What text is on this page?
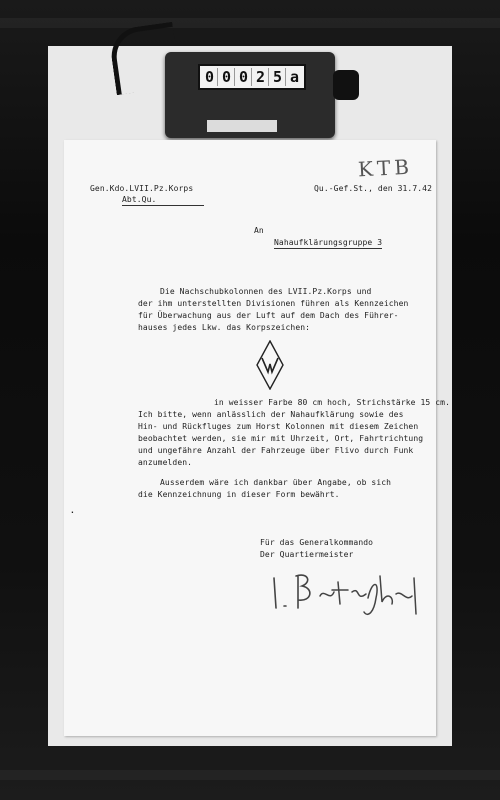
0 0 0 2 5 a
KTB
Gen.Kdo.LVII.Pz.Korps
Abt.Qu.
Qu.-Gef.St., den 31.7.42
An
Nahaufklärungsgruppe 3
Die Nachschubkolonnen des LVII.Pz.Korps und
der ihm unterstellten Divisionen führen als Kennzeichen
für Überwachung aus der Luft auf dem Dach des Führer-
hauses jedes Lkw. das Korpszeichen:
in weisser Farbe 80 cm hoch, Strichstärke 15 cm.
Ich bitte, wenn anlässlich der Nahaufklärung sowie des
Hin- und Rückfluges zum Horst Kolonnen mit diesem Zeichen
beobachtet werden, sie mir mit Uhrzeit, Ort, Fahrtrichtung
und ungefähre Anzahl der Fahrzeuge über Flivo durch Funk
anzumelden.
Ausserdem wäre ich dankbar über Angabe, ob sich
die Kennzeichnung in dieser Form bewährt.
.
Für das Generalkommando
Der Quartiermeister
